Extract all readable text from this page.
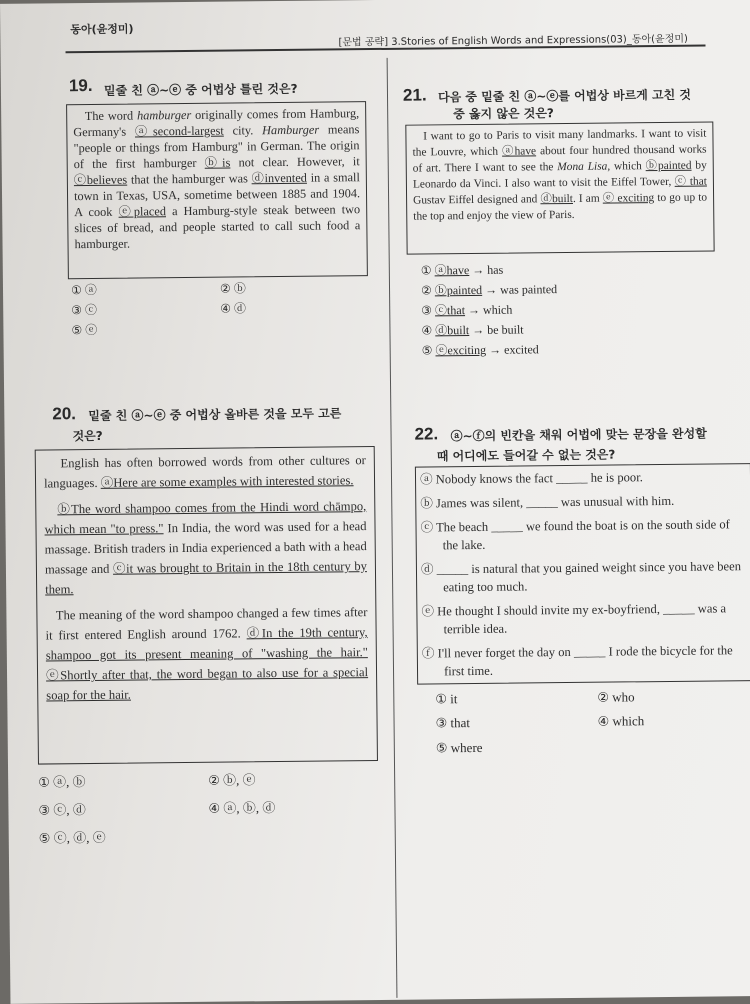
동아(윤정미)
[문법 공략] 3.Stories of English Words and Expressions(03)_동아(윤정미)
19. 밑줄 친 ⓐ~ⓔ 중 어법상 틀린 것은?

The word hamburger originally comes from Hamburg, Germany's ⓐsecond-largest city. Hamburger means "people or things from Hamburg" in German. The origin of the first hamburger ⓑis not clear. However, it ⓒbelieves that the hamburger was ⓓinvented in a small town in Texas, USA, sometime between 1885 and 1904. A cook ⓔplaced a Hamburg-style steak between two slices of bread, and people started to call such food a hamburger.

① ⓐ	② ⓑ
③ ⓒ	④ ⓓ
⑤ ⓔ
20. 밑줄 친 ⓐ~ⓔ 중 어법상 올바른 것을 모두 고른
것은?

English has often borrowed words from other cultures or languages. ⓐHere are some examples with interested stories.

ⓑThe word shampoo comes from the Hindi word chāmpo, which mean "to press." In India, the word was used for a head massage. British traders in India experienced a bath with a head massage and ⓒit was brought to Britain in the 18th century by them.

The meaning of the word shampoo changed a few times after it first entered English around 1762. ⓓIn the 19th century, shampoo got its present meaning of "washing the hair." ⓔShortly after that, the word began to also use for a special soap for the hair.

① ⓐ, ⓑ	② ⓑ, ⓔ
③ ⓒ, ⓓ	④ ⓐ, ⓑ, ⓓ
⑤ ⓒ, ⓓ, ⓔ
21. 다음 중 밑줄 친 ⓐ~ⓔ를 어법상 바르게 고친 것
중 옳지 않은 것은?

I want to go to Paris to visit many landmarks. I want to visit the Louvre, which ⓐhave about four hundred thousand works of art. There I want to see the Mona Lisa, which ⓑpainted by Leonardo da Vinci. I also want to visit the Eiffel Tower, ⓒ that Gustav Eiffel designed and ⓓbuilt. I am ⓔ exciting to go up to the top and enjoy the view of Paris.

① ⓐhave → has
② ⓑpainted → was painted
③ ⓒthat → which
④ ⓓbuilt → be built
⑤ ⓔexciting → excited
22. ⓐ~ⓕ의 빈칸을 채워 어법에 맞는 문장을 완성할
때 어디에도 들어갈 수 없는 것은?

ⓐ Nobody knows the fact _____ he is poor.

ⓑ James was silent, _____ was unusual with him.

ⓒ The beach _____ we found the boat is on the south side of the lake.

ⓓ _____ is natural that you gained weight since you have been eating too much.

ⓔ He thought I should invite my ex-boyfriend, _____ was a terrible idea.

ⓕ I'll never forget the day on _____ I rode the bicycle for the first time.

① it	② who
③ that	④ which
⑤ where
